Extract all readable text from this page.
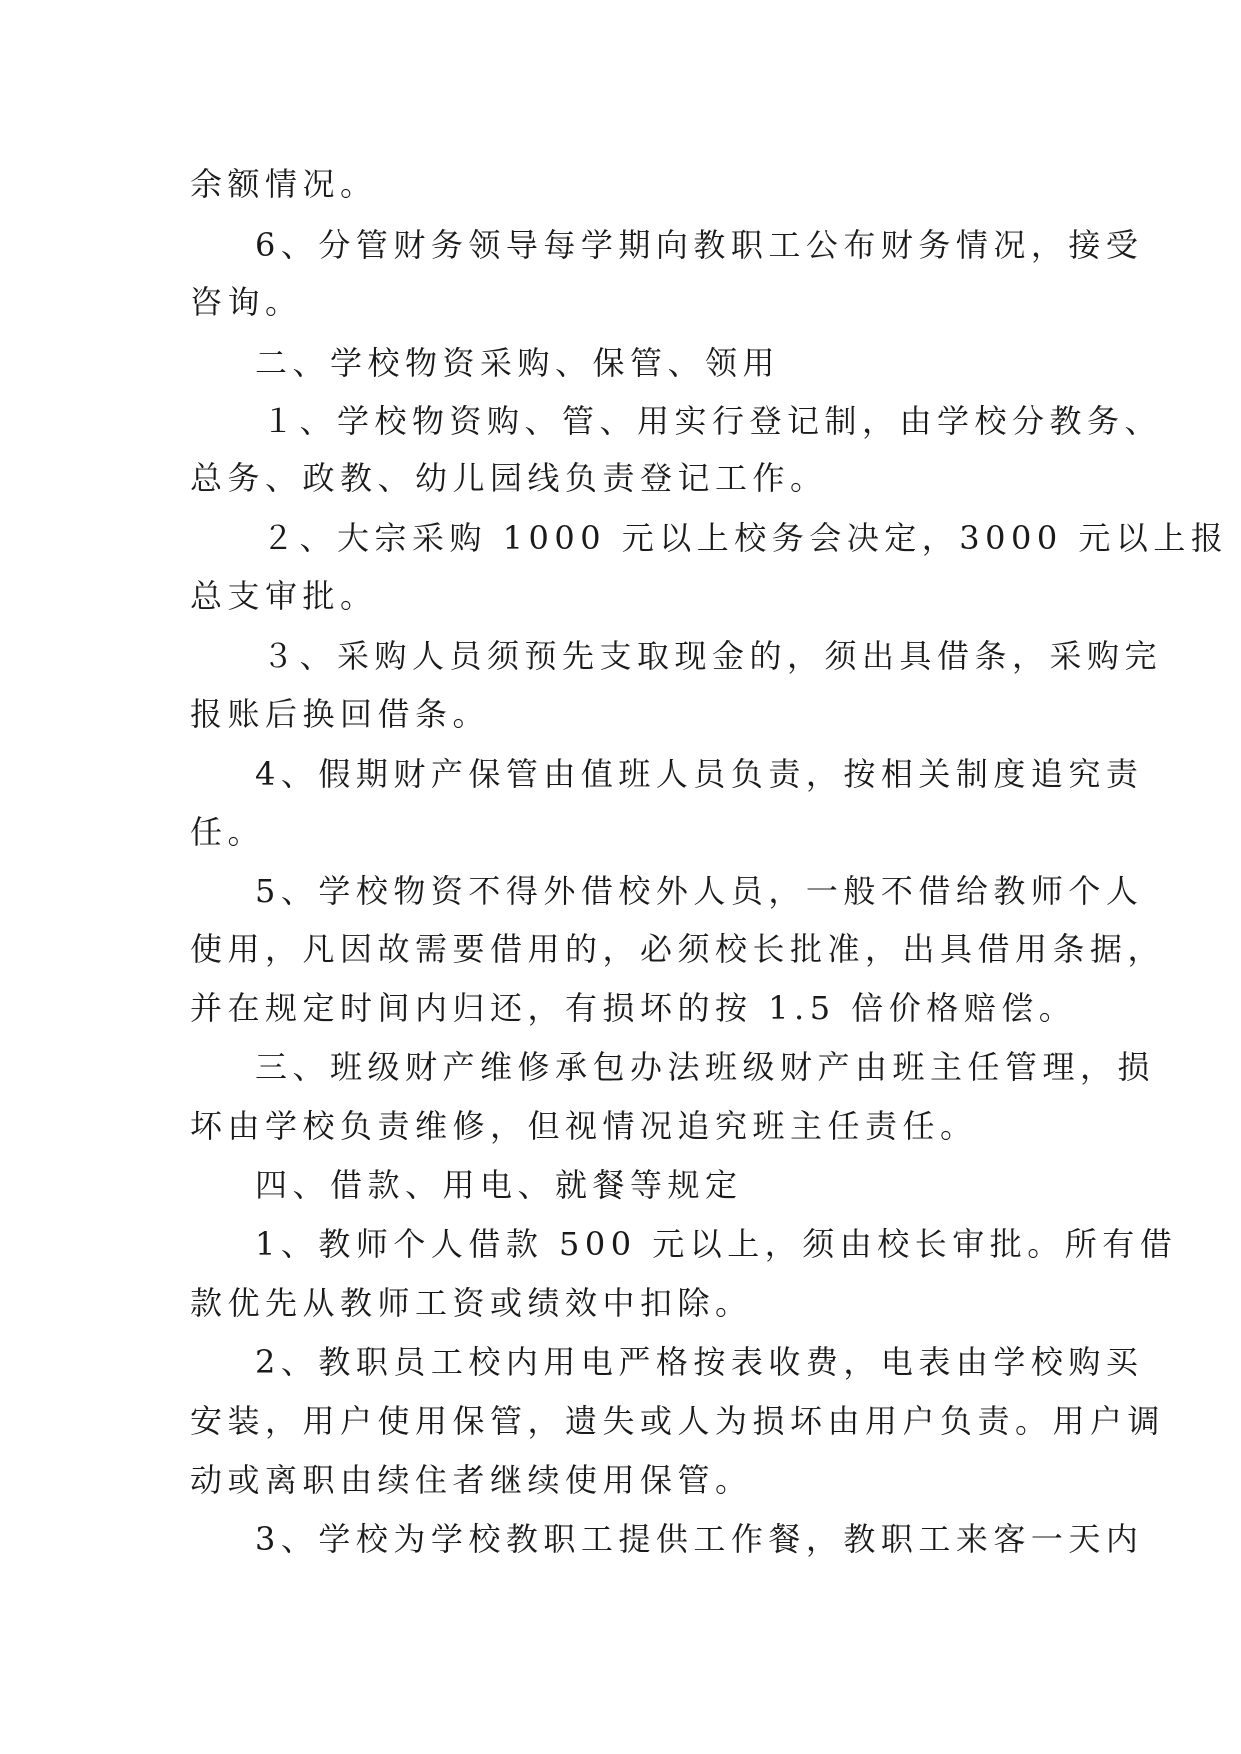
余额情况。
6、分管财务领导每学期向教职工公布财务情况，接受
咨询。
二、学校物资采购、保管、领用
１、学校物资购、管、用实行登记制，由学校分教务、
总务、政教、幼儿园线负责登记工作。
２、大宗采购 1000 元以上校务会决定，3000 元以上报
总支审批。
３、采购人员须预先支取现金的，须出具借条，采购完
报账后换回借条。
4、假期财产保管由值班人员负责，按相关制度追究责
任。
5、学校物资不得外借校外人员，一般不借给教师个人
使用，凡因故需要借用的，必须校长批准，出具借用条据，
并在规定时间内归还，有损坏的按 1.5 倍价格赔偿。
三、班级财产维修承包办法班级财产由班主任管理，损
坏由学校负责维修，但视情况追究班主任责任。
四、借款、用电、就餐等规定
1、教师个人借款 500 元以上，须由校长审批。所有借
款优先从教师工资或绩效中扣除。
2、教职员工校内用电严格按表收费，电表由学校购买
安装，用户使用保管，遗失或人为损坏由用户负责。用户调
动或离职由续住者继续使用保管。
3、学校为学校教职工提供工作餐，教职工来客一天内
